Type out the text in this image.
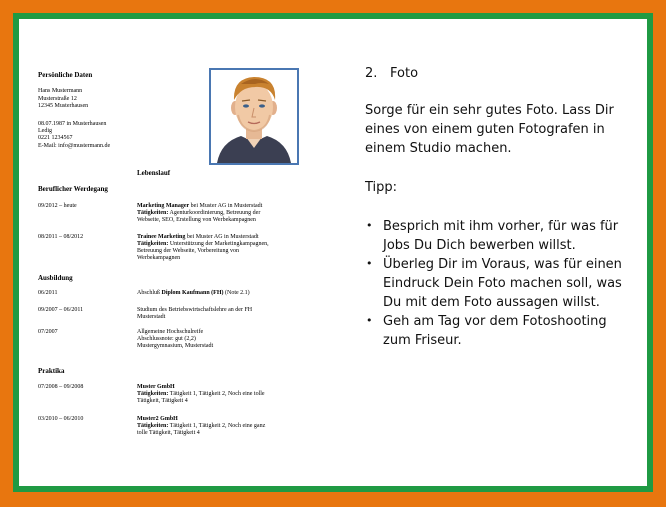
Persönliche Daten
Hans Mustermann
Musterstraße 12
12345 Musterhausen
08.07.1987 in Musterhausen
Ledig
0221 1234567
E-Mail: info@mustermann.de
Lebenslauf
Beruflicher Werdegang
09/2012 – heute	Marketing Manager bei Muster AG in Musterstadt
Tätigkeiten: Agenturkoordinierung, Betreuung der
Webseite, SEO, Erstellung von Werbekampagnen
08/2011 – 08/2012	Trainee Marketing bei Muster AG in Musterstadt
Tätigkeiten: Unterstützung der Marketingkampagnen,
Betreuung der Webseite, Vorbereitung von
Werbekampagnen
Ausbildung
06/2011	Abschluß Diplom Kaufmann (FH) (Note 2.1)
09/2007 – 06/2011	Studium des Betriebswirtschaftslehre an der FH
Musterstadt
07/2007	Allgemeine Hochschulreife
Abschlussnote: gut (2,2)
Mustergymnasium, Musterstadt
Praktika
07/2008 – 09/2008	Muster GmbH
Tätigkeiten: Tätigkeit 1, Tätigkeit 2, Noch eine tolle
Tätigkeit, Tätigkeit 4
03/2010 – 06/2010	Muster2 GmbH
Tätigkeiten: Tätigkeit 1, Tätigkeit 2, Noch eine ganz
tolle Tätigkeit, Tätigkeit 4
2. Foto
Sorge für ein sehr gutes Foto. Lass Dir
eines von einem guten Fotografen in
einem Studio machen.
Tipp:
• Besprich mit ihm vorher, für was für
Jobs Du Dich bewerben willst.
• Überleg Dir im Voraus, was für einen
Eindruck Dein Foto machen soll, was
Du mit dem Foto aussagen willst.
• Geh am Tag vor dem Fotoshooting
zum Friseur.
